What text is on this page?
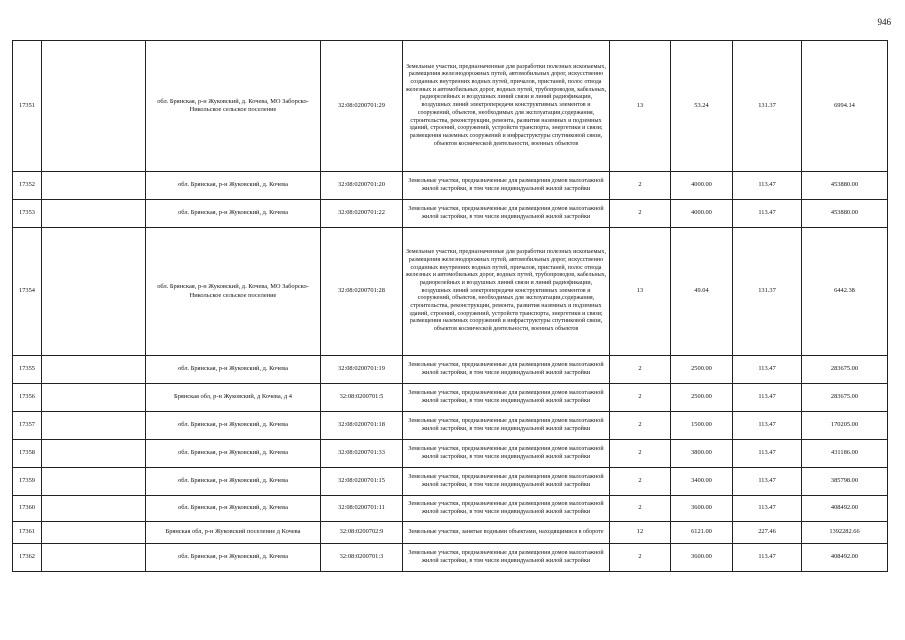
946
17351		обл. Брянская, р-н Жуковский, д. Кочева, МО Заборско-Никольское сельское поселение	32:08:0200701:29	Земельные участки, предназначенные для разработки полезных ископаемых, размещения железнодорожных путей, автомобильных дорог, искусственно созданных внутренних водных путей, причалов, пристаней, полос отвода железных и автомобильных дорог, водных путей, трубопроводов, кабельных, радиорелейных и воздушных линий связи и линий радиофикации, воздушных линий электропередачи конструктивных элементов и сооружений, объектов, необходимых для эксплуатации,содержания, строительства, реконструкции, ремонта, развития наземных и подземных зданий, строений, сооружений, устройств транспорта, энергетики и связи; размещения наземных сооружений и инфраструктуры спутниковой связи, объектов космической деятельности, военных объектов	13	53.24	131.37	6994.14
17352		обл. Брянская, р-н Жуковский, д. Кочева	32:08:0200701:20	Земельные участки, предназначенные для размещения домов малоэтажной жилой застройки, в том числе индивидуальной жилой застройки	2	4000.00	113.47	453880.00
17353		обл. Брянская, р-н Жуковский, д. Кочева	32:08:0200701:22	Земельные участки, предназначенные для размещения домов малоэтажной жилой застройки, в том числе индивидуальной жилой застройки	2	4000.00	113.47	453880.00
17354		обл. Брянская, р-н Жуковский, д. Кочева, МО Заборско-Никольское сельское поселение	32:08:0200701:28	Земельные участки, предназначенные для разработки полезных ископаемых, размещения железнодорожных путей, автомобильных дорог, искусственно созданных внутренних водных путей, причалов, пристаней, полос отвода железных и автомобильных дорог, водных путей, трубопроводов, кабельных, радиорелейных и воздушных линий связи и линий радиофикации, воздушных линий электропередачи конструктивных элементов и сооружений, объектов, необходимых для эксплуатации,содержания, строительства, реконструкции, ремонта, развития наземных и подземных зданий, строений, сооружений, устройств транспорта, энергетики и связи; размещения наземных сооружений и инфраструктуры спутниковой связи, объектов космической деятельности, военных объектов	13	49.04	131.37	6442.38
17355		обл. Брянская, р-н Жуковский, д. Кочева	32:08:0200701:19	Земельные участки, предназначенные для размещения домов малоэтажной жилой застройки, в том числе индивидуальной жилой застройки	2	2500.00	113.47	283675.00
17356		Брянская обл, р-н Жуковский, д Кочева, д 4	32:08:0200701:5	Земельные участки, предназначенные для размещения домов малоэтажной жилой застройки, в том числе индивидуальной жилой застройки	2	2500.00	113.47	283675.00
17357		обл. Брянская, р-н Жуковский, д. Кочева	32:08:0200701:18	Земельные участки, предназначенные для размещения домов малоэтажной жилой застройки, в том числе индивидуальной жилой застройки	2	1500.00	113.47	170205.00
17358		обл. Брянская, р-н Жуковский, д. Кочева	32:08:0200701:33	Земельные участки, предназначенные для размещения домов малоэтажной жилой застройки, в том числе индивидуальной жилой застройки	2	3800.00	113.47	431186.00
17359		обл. Брянская, р-н Жуковский, д. Кочева	32:08:0200701:15	Земельные участки, предназначенные для размещения домов малоэтажной жилой застройки, в том числе индивидуальной жилой застройки	2	3400.00	113.47	385798.00
17360		обл. Брянская, р-н Жуковский, д. Кочева	32:08:0200701:11	Земельные участки, предназначенные для размещения домов малоэтажной жилой застройки, в том числе индивидуальной жилой застройки	2	3600.00	113.47	408492.00
17361		Брянская обл, р-н Жуковский поселение д Кочева	32:08:0200702:9	Земельные участки, занятые водными объектами, находящимися в обороте	12	6121.00	227.46	1392282.66
17362		обл. Брянская, р-н Жуковский, д. Кочева	32:08:0200701:3	Земельные участки, предназначенные для размещения домов малоэтажной жилой застройки, в том числе индивидуальной жилой застройки	2	3600.00	113.47	408492.00
